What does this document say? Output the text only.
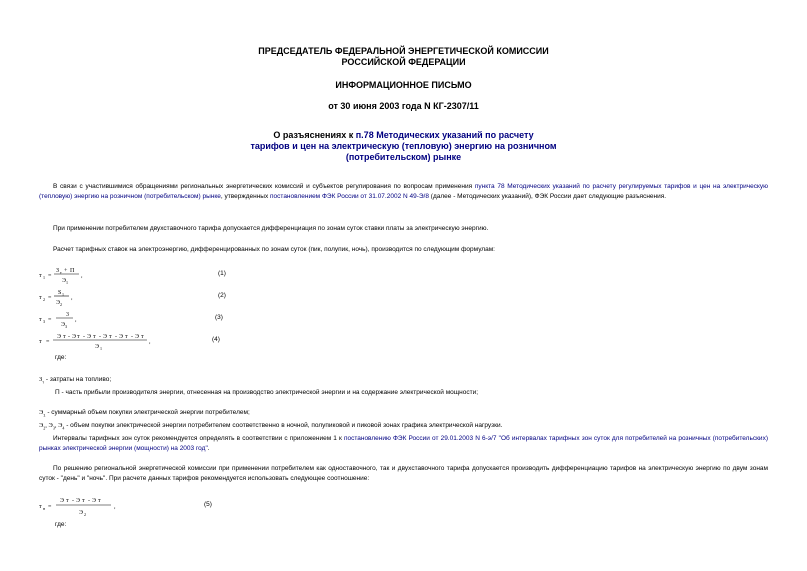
ПРЕДСЕДАТЕЛЬ ФЕДЕРАЛЬНОЙ ЭНЕРГЕТИЧЕСКОЙ КОМИССИИ
РОССИЙСКОЙ ФЕДЕРАЦИИ
ИНФОРМАЦИОННОЕ ПИСЬМО
от 30 июня 2003 года N КГ-2307/11
О разъяснениях к п.78 Методических указаний по расчету
тарифов и цен на электрическую (тепловую) энергию на розничном
(потребительском) рынке
В связи с участившимися обращениями региональных энергетических комиссий и субъектов регулирования по вопросам применения пункта 78 Методических указаний по расчету регулируемых тарифов и цен на электрическую (тепловую) энергию на розничном (потребительском) рынке, утвержденных постановлением ФЭК России от 31.07.2002 N 49-Э/8 (далее - Методических указаний), ФЭК России дает следующие разъяснения.
При применении потребителем двухставочного тарифа допускается дифференциация по зонам суток ставки платы за электрическую энергию.
Расчет тарифных ставок на электроэнергию, дифференцированных по зонам суток (пик, полупик, ночь), производится по следующим формулам:
т 1 =
З т + П
Э 1
,	(1)
т 2 =
S 1
Э 2
,	(2)
т 3 =
3
Э 3
,	(3)
т =
Э т - Э т - Э т - Э т - Э т - Э т
Э 1
,	(4)
где:
$З_т$ - затраты на топливо;
П - часть прибыли производителя энергии, отнесенная на производство электрической энергии и на содержание электрической мощности;
$Э_1$ - суммарный объем покупки электрической энергии потребителем;
$Э_2$, $Э_3$, $Э_4$ - объем покупки электрической энергии потребителем соответственно в ночной, полупиковой и пиковой зонах графика электрической нагрузки.
Интервалы тарифных зон суток рекомендуется определять в соответствии с приложением 1 к постановлению ФЭК России от 29.01.2003 N 6-э/7 "Об интервалах тарифных зон суток для потребителей на розничных (потребительских) рынках электрической энергии (мощности) на 2003 год".
По решению региональной энергетической комиссии при применении потребителем как одноставочного, так и двухставочного тарифа допускается производить дифференциацию тарифов на электрическую энергию по двум зонам суток - "день" и "ночь". При расчете данных тарифов рекомендуется использовать следующее соотношение:
т н =
Э т - Э т - Э т
Э 2
,	(5)
где:
